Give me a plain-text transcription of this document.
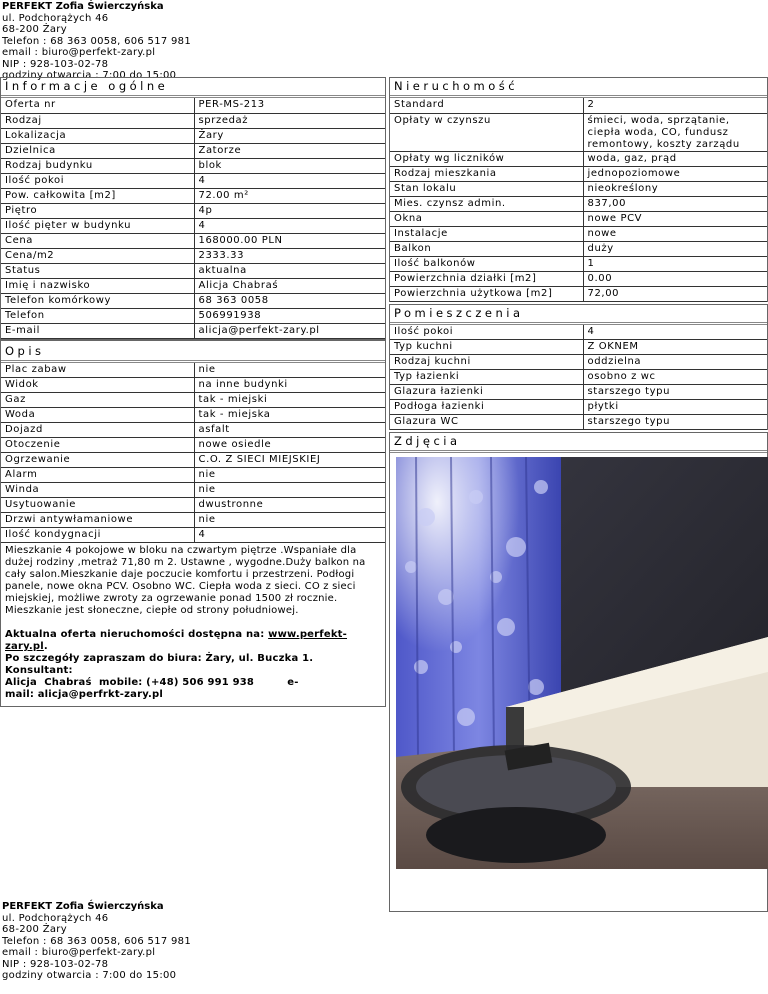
PERFEKT Zofia Świerczyńska
ul. Podchorążych 46
68-200 Żary
Telefon : 68 363 0058, 606 517 981
email : biuro@perfekt-zary.pl
NIP : 928-103-02-78
godziny otwarcia : 7:00 do 15:00
Informacje ogólne
Oferta nr	PER-MS-213
Rodzaj	sprzedaż
Lokalizacja	Żary
Dzielnica	Zatorze
Rodzaj budynku	blok
Ilość pokoi	4
Pow. całkowita [m2]	72.00 m²
Piętro	4p
Ilość pięter w budynku	4
Cena	168000.00 PLN
Cena/m2	2333.33
Status	aktualna
Imię i nazwisko	Alicja Chabraś
Telefon komórkowy	68 363 0058
Telefon	506991938
E-mail	alicja@perfekt-zary.pl
Opis
Plac zabaw	nie
Widok	na inne budynki
Gaz	tak - miejski
Woda	tak - miejska
Dojazd	asfalt
Otoczenie	nowe osiedle
Ogrzewanie	C.O. Z SIECI MIEJSKIEJ
Alarm	nie
Winda	nie
Usytuowanie	dwustronne
Drzwi antywłamaniowe	nie
Ilość kondygnacji	4
Mieszkanie 4 pokojowe w bloku na czwartym piętrze .Wspaniałe dla dużej rodziny ,metraż 71,80 m 2. Ustawne , wygodne.Duży balkon na cały salon.Mieszkanie daje poczucie komfortu i przestrzeni. Podłogi panele, nowe okna PCV. Osobno WC. Ciepła woda z sieci. CO z sieci miejskiej, możliwe zwroty za ogrzewanie ponad 1500 zł rocznie. Mieszkanie jest słoneczne, ciepłe od strony południowej.
Aktualna oferta nieruchomości dostępna na: www.perfekt-zary.pl.
Po szczegóły zapraszam do biura: Żary, ul. Buczka 1. Konsultant:
Alicja  Chabraś  mobile: (+48) 506 991 938         e-
mail: alicja@perfrkt-zary.pl
Nieruchomość
Standard	2
Opłaty w czynszu	śmieci, woda, sprzątanie, ciepła woda, CO, fundusz remontowy, koszty zarządu
Opłaty wg liczników	woda, gaz, prąd
Rodzaj mieszkania	jednopoziomowe
Stan lokalu	nieokreślony
Mies. czynsz admin.	837,00
Okna	nowe PCV
Instalacje	nowe
Balkon	duży
Ilość balkonów	1
Powierzchnia działki [m2]	0.00
Powierzchnia użytkowa [m2]	72,00
Pomieszczenia
Ilość pokoi	4
Typ kuchni	Z OKNEM
Rodzaj kuchni	oddzielna
Typ łazienki	osobno z wc
Glazura łazienki	starszego typu
Podłoga łazienki	płytki
Glazura WC	starszego typu
Zdjęcia
PERFEKT Zofia Świerczyńska
ul. Podchorążych 46
68-200 Żary
Telefon : 68 363 0058, 606 517 981
email : biuro@perfekt-zary.pl
NIP : 928-103-02-78
godziny otwarcia : 7:00 do 15:00
